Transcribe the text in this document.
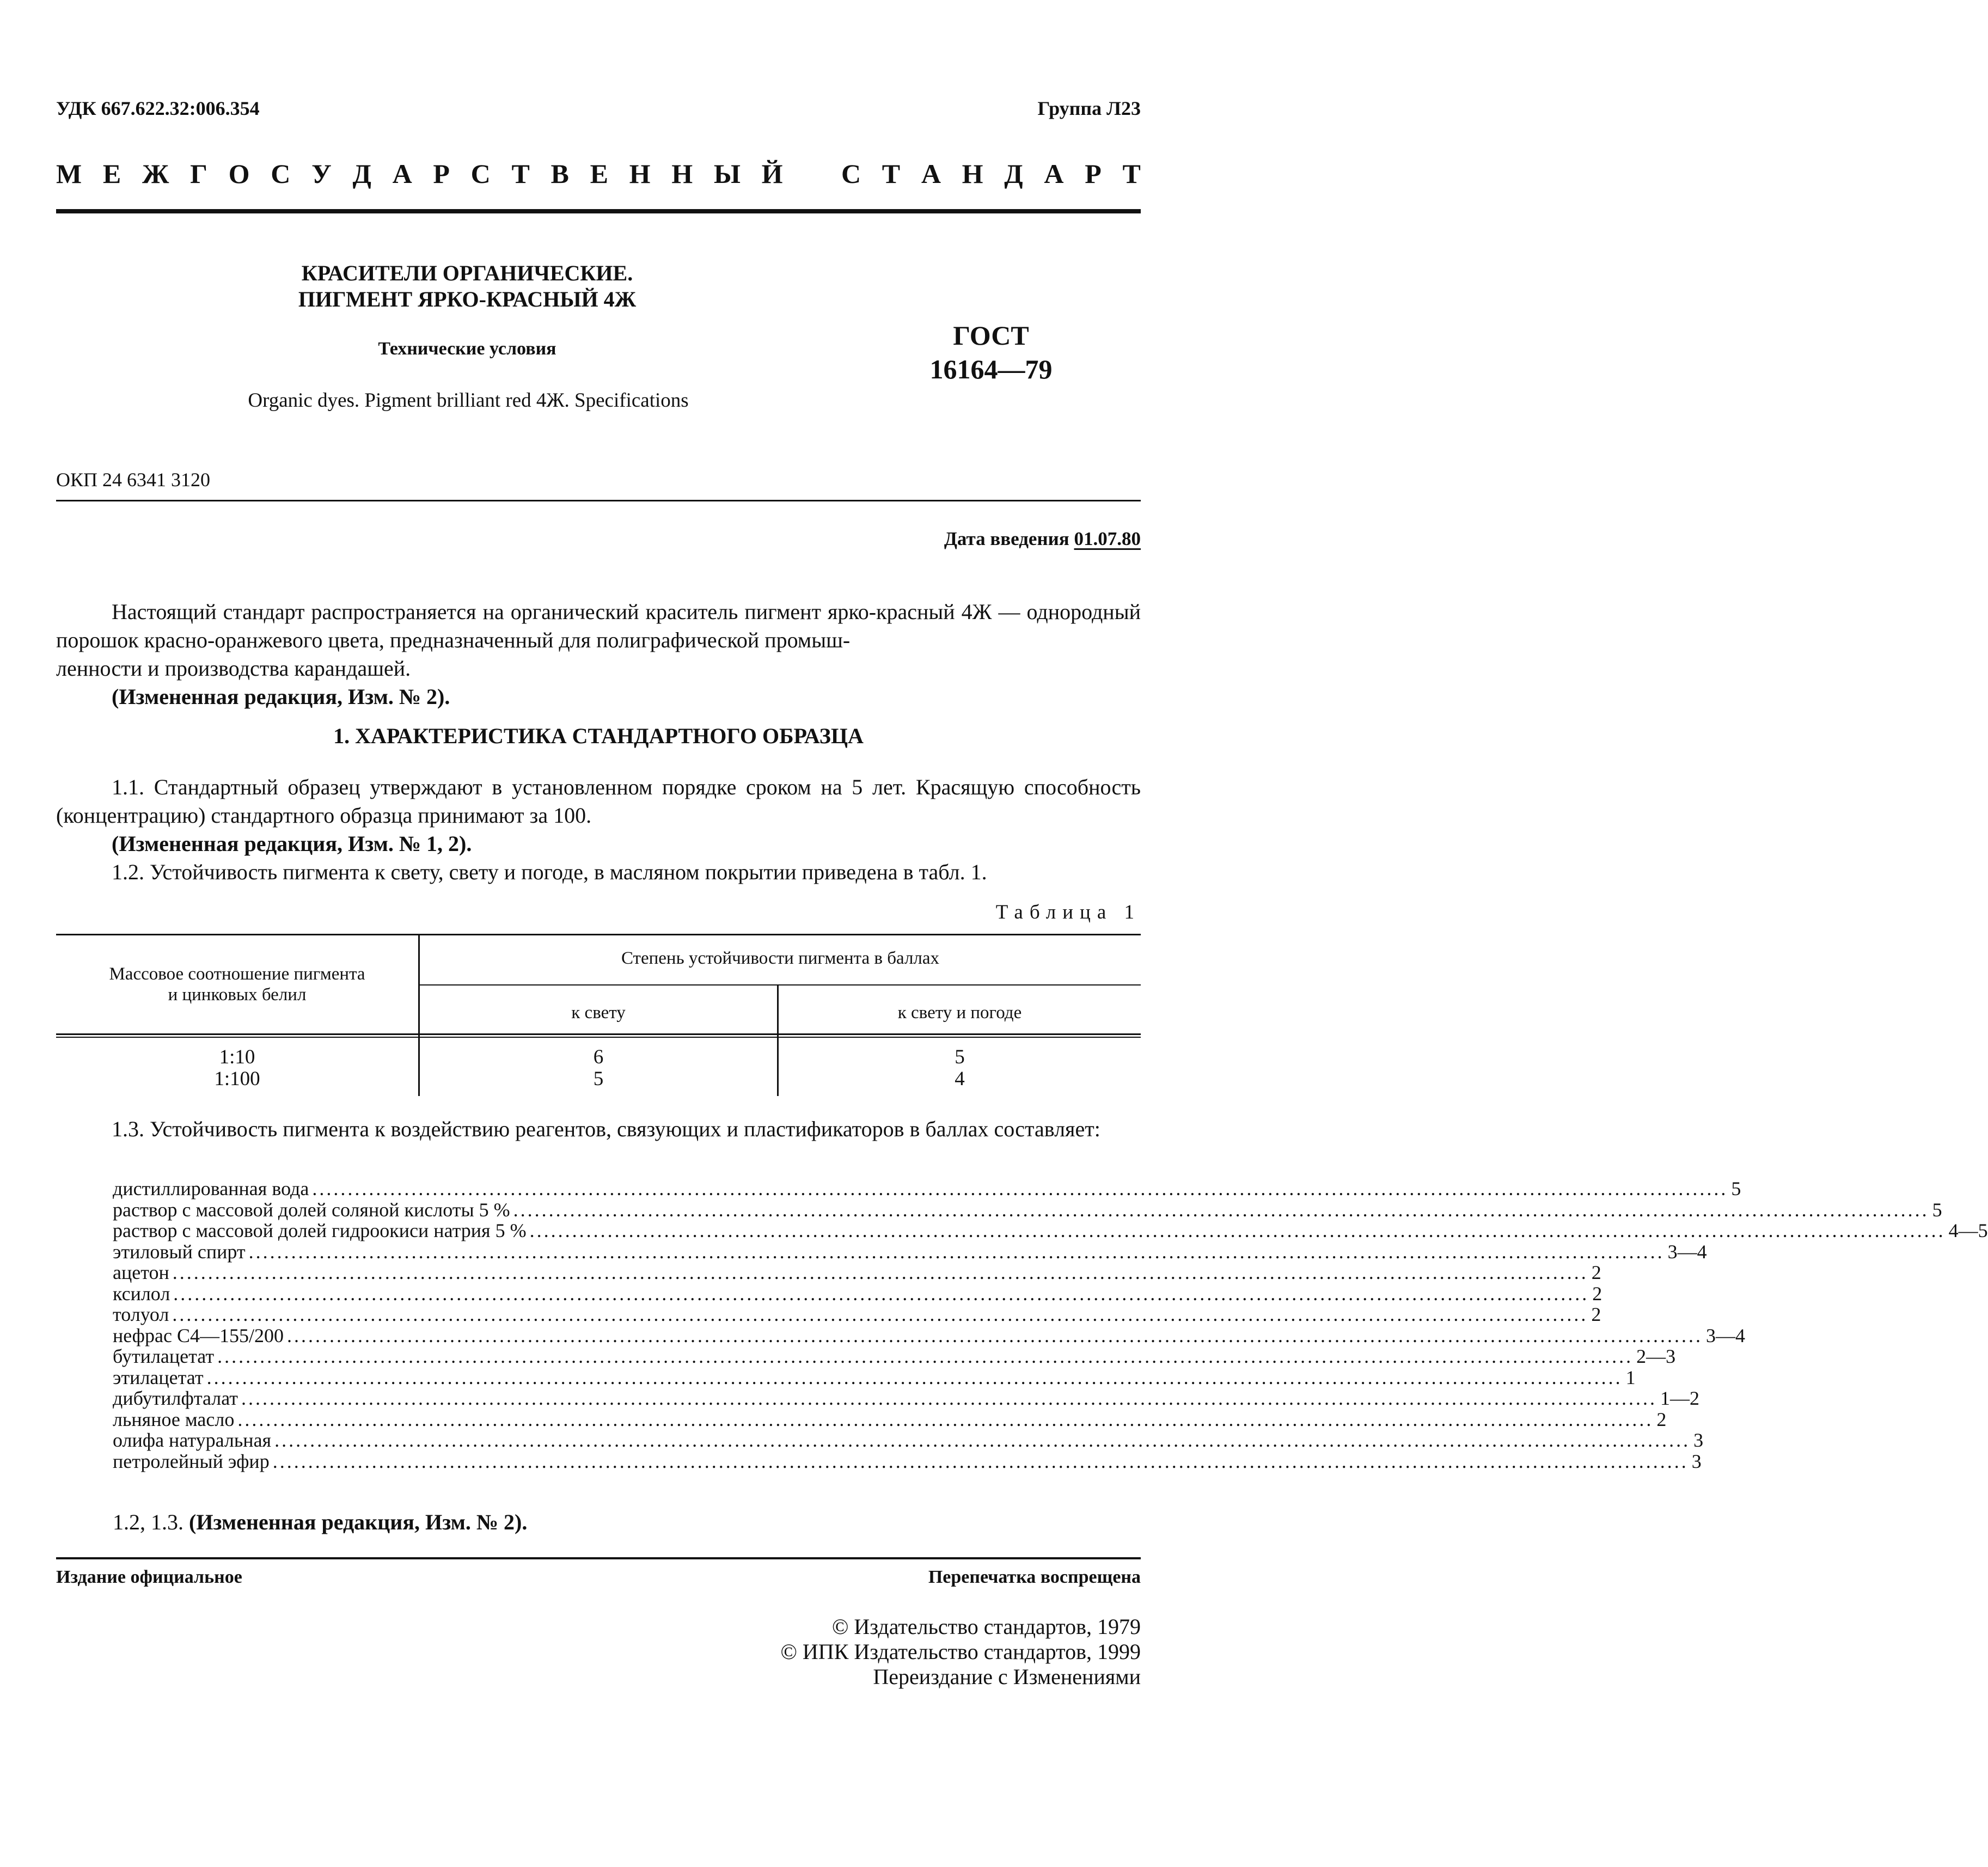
УДК 667.622.32:006.354	Группа Л23
М Е Ж Г О С У Д А Р С Т В Е Н Н Ы Й С Т А Н Д А Р Т
КРАСИТЕЛИ ОРГАНИЧЕСКИЕ.
ПИГМЕНТ ЯРКО-КРАСНЫЙ 4Ж
Технические условия
Organic dyes. Pigment brilliant red 4Ж. Specifications
ГОСТ
16164—79
ОКП 24 6341 3120
Дата введения 01.07.80

Настоящий стандарт распространяется на органический краситель пигмент ярко-красный 4Ж — однородный порошок красно-оранжевого цвета, предназначенный для полиграфической промыш-

ленности и производства карандашей.

(Измененная редакция, Изм. № 2).

1. ХАРАКТЕРИСТИКА СТАНДАРТНОГО ОБРАЗЦА

1.1. Стандартный образец утверждают в установленном порядке сроком на 5 лет. Красящую способность (концентрацию) стандартного образца принимают за 100.

(Измененная редакция, Изм. № 1, 2).

1.2. Устойчивость пигмента к свету, свету и погоде, в масляном покрытии приведена в табл. 1.

Таблица 1
Массовое соотношение пигмента
и цинковых белил
Степень устойчивости пигмента в баллах
к свету	к свету и погоде
1:10	6	5
1:100	5	4

1.3. Устойчивость пигмента к воздействию реагентов, связующих и пластификаторов в баллах составляет:

дистиллированная вода ........................................................................................................................................................................................................ 5
раствор с массовой долей соляной кислоты 5 % ........................................................................................................................................................................................................ 5
раствор с массовой долей гидроокиси натрия 5 % ........................................................................................................................................................................................................ 4—5
этиловый спирт ........................................................................................................................................................................................................ 3—4
ацетон ........................................................................................................................................................................................................ 2
ксилол ........................................................................................................................................................................................................ 2
толуол ........................................................................................................................................................................................................ 2
нефрас С4—155/200 ........................................................................................................................................................................................................ 3—4
бутилацетат ........................................................................................................................................................................................................ 2—3
этилацетат ........................................................................................................................................................................................................ 1
дибутилфталат ........................................................................................................................................................................................................ 1—2
льняное масло ........................................................................................................................................................................................................ 2
олифа натуральная ........................................................................................................................................................................................................ 3
петролейный эфир ........................................................................................................................................................................................................ 3
1.2, 1.3. (Измененная редакция, Изм. № 2).
Издание официальное	Перепечатка воспрещена
© Издательство стандартов, 1979
© ИПК Издательство стандартов, 1999
Переиздание с Изменениями
